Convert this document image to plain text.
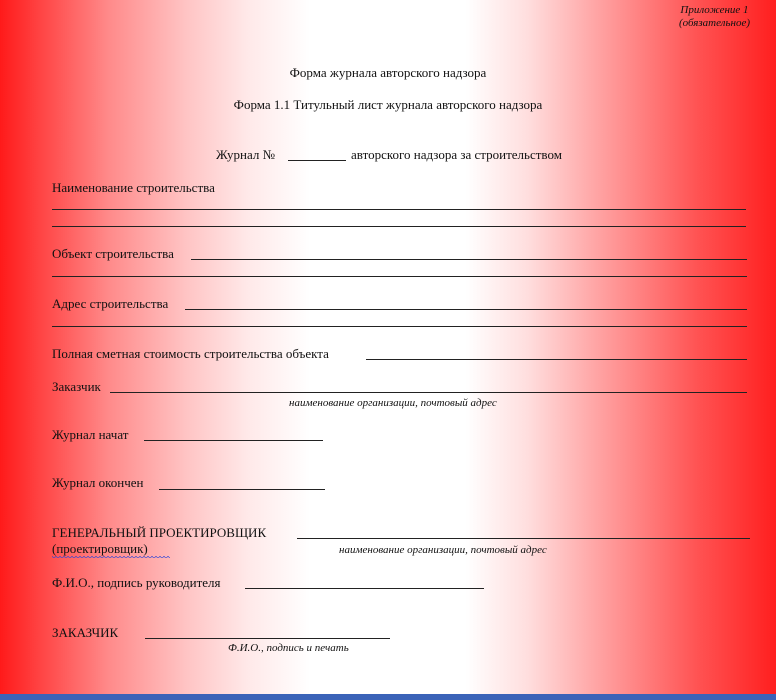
Приложение 1
(обязательное)
Форма журнала авторского надзора
Форма 1.1 Титульный лист журнала авторского надзора
Журнал №	авторского надзора за строительством
Наименование строительства
Объект строительства
Адрес строительства
Полная сметная стоимость строительства объекта
Заказчик
наименование организации, почтовый адрес
Журнал начат
Журнал окончен
ГЕНЕРАЛЬНЫЙ ПРОЕКТИРОВЩИК
(проектировщик)	наименование организации, почтовый адрес
Ф.И.О., подпись руководителя
ЗАКАЗЧИК
Ф.И.О., подпись и печать
